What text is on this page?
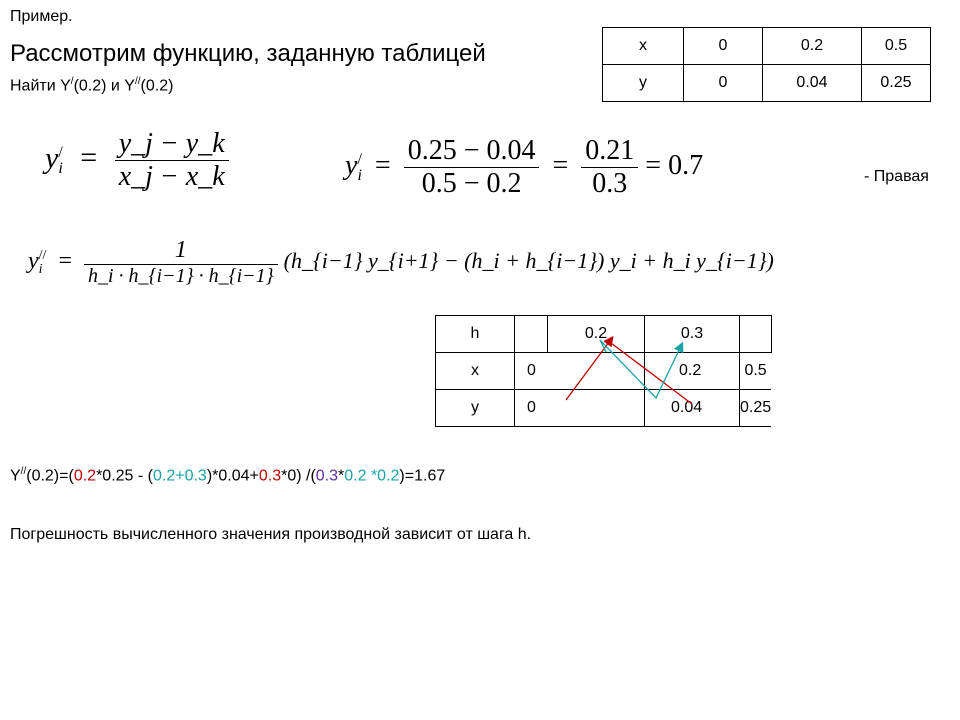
Пример.
Рассмотрим функцию, заданную таблицей
Найти Y/(0.2) и Y//(0.2)
x	0	0.2	0.5
y	0	0.04	0.25
y /
$i = \frac{y\_j - y\_k}{x\_j - x\_k}$	y /
$i = \frac{0.25 - 0.04}{0.5 - 0.2} = \frac{0.21}{0.3} = 0.7$	- Правая
y //
$i = \frac{1}{h\_i \cdot h\_\{i-1\} \cdot h\_\{i-1\}}$ (h_{i−1} y_{i+1} − (h_i + h_{i−1}) y_i + h_i y_{i−1})
h		0.2	0.3	
x	0		0.2	0.5
y	0		0.04	0.25
Y//(0.2)=(0.2*0.25 - (0.2+0.3)*0.04+0.3*0) /(0.3*0.2 *0.2)=1.67
Погрешность вычисленного значения производной зависит от шага h.
